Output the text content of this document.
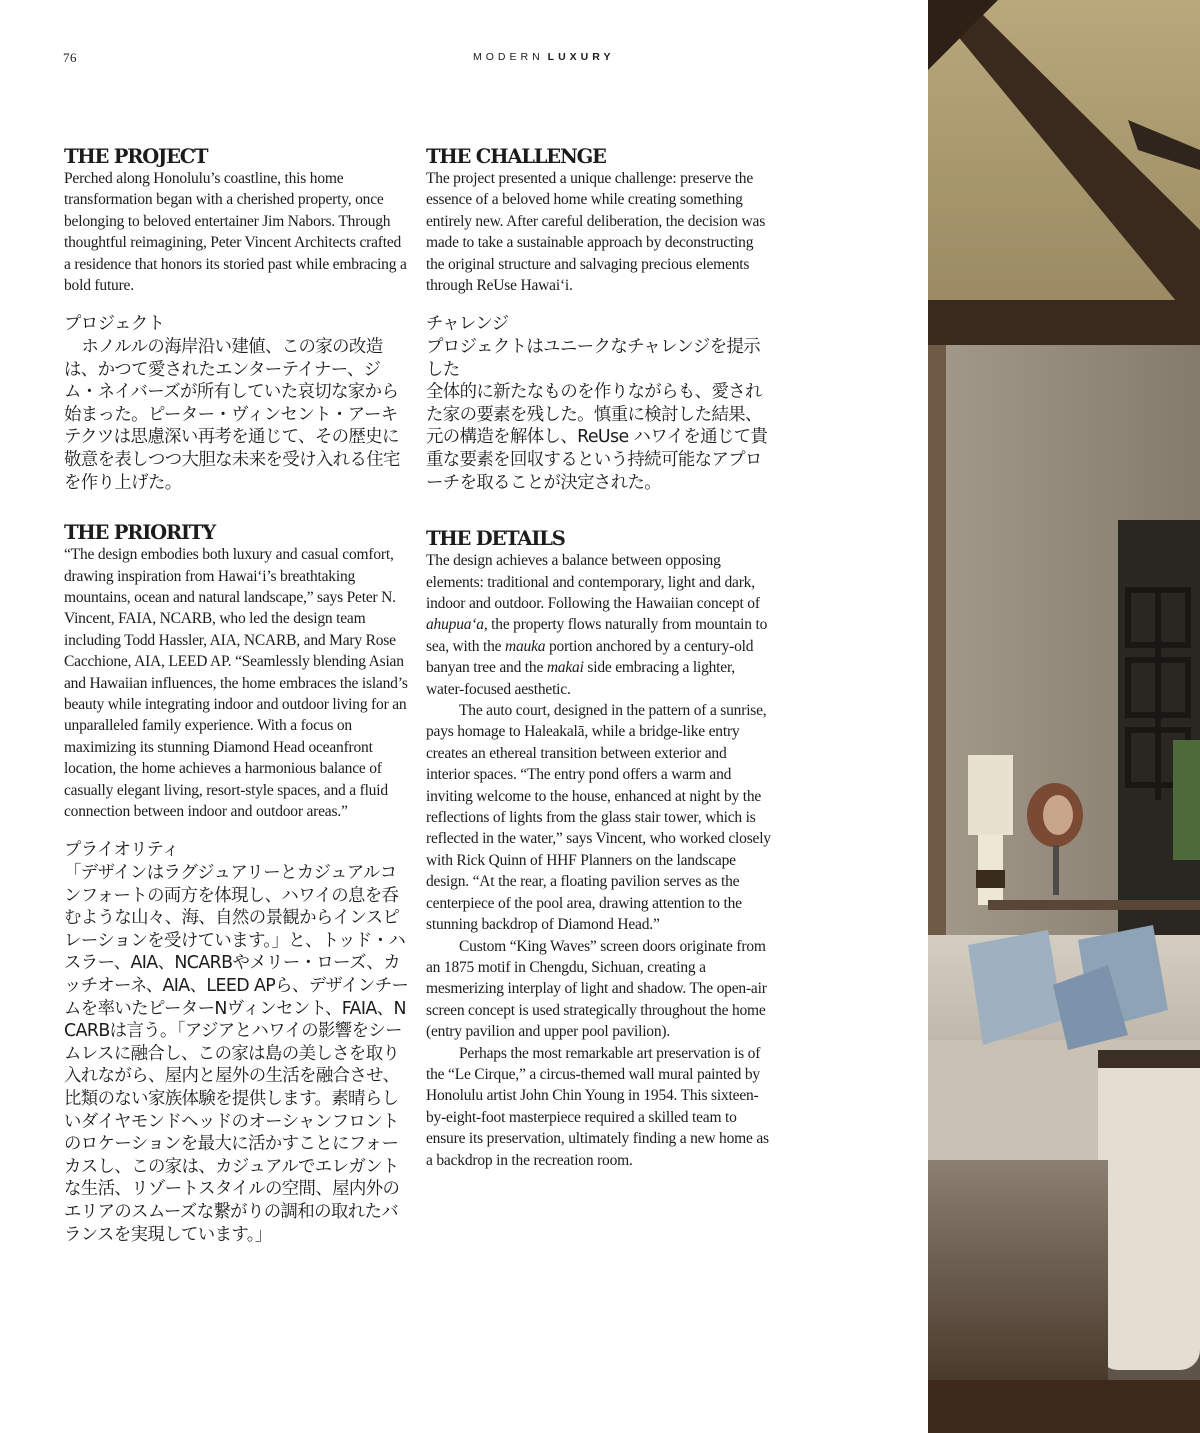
76	MODERN LUXURY
THE PROJECT

Perched along Honolulu’s coastline, this home transformation began with a cherished property, once belonging to beloved entertainer Jim Nabors. Through thoughtful reimagining, Peter Vincent Architects crafted a residence that honors its storied past while embracing a bold future.

プロジェクト

ホノルルの海岸沿い建値、この家の改造は、かつて愛されたエンターテイナー、ジム・ネイバーズが所有していた哀切な家から始まった。ピーター・ヴィンセント・アーキテクツは思慮深い再考を通じて、その歴史に敬意を表しつつ大胆な未来を受け入れる住宅を作り上げた。

THE PRIORITY

“The design embodies both luxury and casual comfort, drawing inspiration from Hawai‘i’s breathtaking mountains, ocean and natural landscape,” says Peter N. Vincent, FAIA, NCARB, who led the design team including Todd Hassler, AIA, NCARB, and Mary Rose Cacchione, AIA, LEED AP. “Seamlessly blending Asian and Hawaiian influences, the home embraces the island’s beauty while integrating indoor and outdoor living for an unparalleled family experience. With a focus on maximizing its stunning Diamond Head oceanfront location, the home achieves a harmonious balance of casually elegant living, resort-style spaces, and a fluid connection between indoor and outdoor areas.”

プライオリティ

「デザインはラグジュアリーとカジュアルコンフォートの両方を体現し、ハワイの息を呑むような山々、海、自然の景観からインスピレーションを受けています。」と、トッド・ハスラー、AIA、NCARBやメリー・ローズ、カッチオーネ、AIA、LEED APら、デザインチームを率いたピーターNヴィンセント、FAIA、NCARBは言う。「アジアとハワイの影響をシームレスに融合し、この家は島の美しさを取り入れながら、屋内と屋外の生活を融合させ、比類のない家族体験を提供します。素晴らしいダイヤモンドヘッドのオーシャンフロントのロケーションを最大に活かすことにフォーカスし、この家は、カジュアルでエレガントな生活、リゾートスタイルの空間、屋内外のエリアのスムーズな繋がりの調和の取れたバランスを実現しています。」

THE CHALLENGE

The project presented a unique challenge: preserve the essence of a beloved home while creating something entirely new. After careful deliberation, the decision was made to take a sustainable approach by deconstructing the original structure and salvaging precious elements through ReUse Hawai‘i.

チャレンジ

プロジェクトはユニークなチャレンジを提示した

全体的に新たなものを作りながらも、愛された家の要素を残した。慎重に検討した結果、元の構造を解体し、ReUse ハワイを通じて貴重な要素を回収するという持続可能なアプローチを取ることが決定された。

THE DETAILS

The design achieves a balance between opposing elements: traditional and contemporary, light and dark, indoor and outdoor. Following the Hawaiian concept of ahupua‘a, the property flows naturally from mountain to sea, with the mauka portion anchored by a century-old banyan tree and the makai side embracing a lighter, water-focused aesthetic.

The auto court, designed in the pattern of a sunrise, pays homage to Haleakalā, while a bridge-like entry creates an ethereal transition between exterior and interior spaces. “The entry pond offers a warm and inviting welcome to the house, enhanced at night by the reflections of lights from the glass stair tower, which is reflected in the water,” says Vincent, who worked closely with Rick Quinn of HHF Planners on the landscape design. “At the rear, a floating pavilion serves as the centerpiece of the pool area, drawing attention to the stunning backdrop of Diamond Head.”

Custom “King Waves” screen doors originate from an 1875 motif in Chengdu, Sichuan, creating a mesmerizing interplay of light and shadow. The open-air screen concept is used strategically throughout the home (entry pavilion and upper pool pavilion).

Perhaps the most remarkable art preservation is of the “Le Cirque,” a circus-themed wall mural painted by Honolulu artist John Chin Young in 1954. This sixteen-by-eight-foot masterpiece required a skilled team to ensure its preservation, ultimately finding a new home as a backdrop in the recreation room.
